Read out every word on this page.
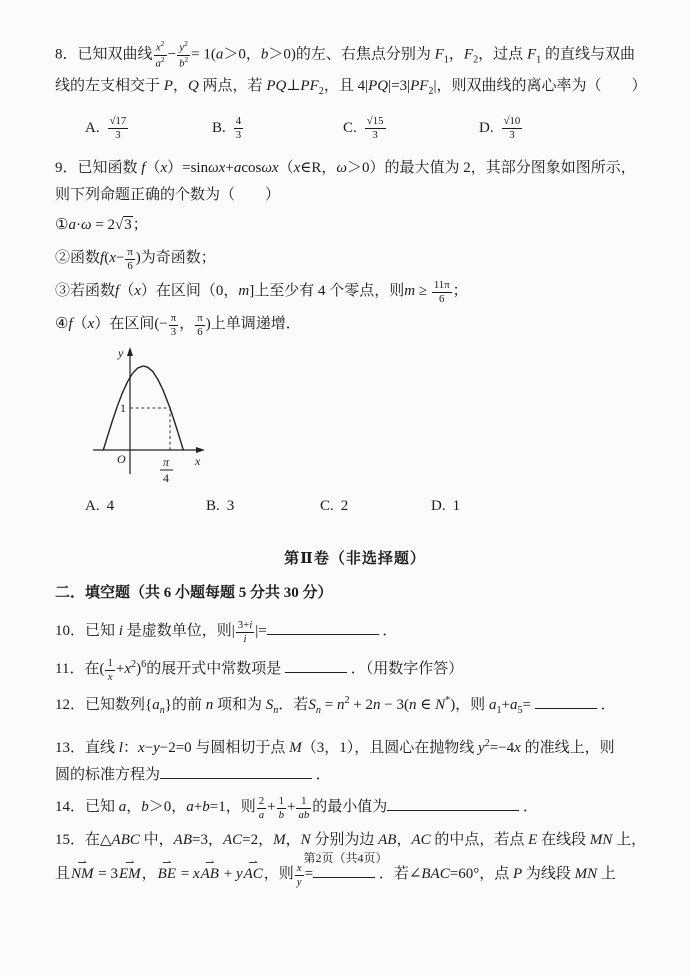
8．已知双曲线 $\frac{x^2}{a^2} - \frac{y^2}{b^2} = 1(a>0$，b＞0)的左、右焦点分别为 $F_1$，$F_2$，过点 $F_1$ 的直线与双曲

线的左支相交于 P，Q 两点，若 $PQ\perp PF_2$，且 $4|PQ|=3|PF_2|$，则双曲线的离心率为（　　）

A. $\frac{√17}{3}$	B. $\frac{4}{3}$	C. $\frac{√15}{3}$	D. $\frac{√10}{3}$

9．已知函数 f（x）=sinωx+acosωx（x∈R，ω＞0）的最大值为 2，其部分图象如图所示，

则下列命题正确的个数为（　　）

①a·ω = 2√3；

②函数$f(x- \frac{\pi}{6}$ )为奇函数；

③若函数f（x）在区间（0，m]上至少有 4 个零点，则$m \ge \frac{11\pi}{6}$ ；

④f（x）在区间(− $\frac{\pi}{3}$ ， $\frac{\pi}{6}$ )上单调递增．

y
x
O
1
π
4
A. 4	B. 3	C. 2	D. 1

第Ⅱ卷（非选择题）

二．填空题（共 6 小题每题 5 分共 30 分）

10．已知 i 是虚数单位，则| $\frac{3+i}{i}$ |=	．

11．在( $\frac{1}{x} +x^2)^6$的展开式中常数项是	．（用数字作答）

12．已知数列$\{a_n\}$的前 n 项和为 $S_n$．若$S_n = n^2 + 2n - 3(n$ ∈ N*)，则 $a_1+a_5=$	．

13．直线 l：x−y−2=0 与圆相切于点 M（3，1），且圆心在抛物线 $y^2=-4x$ 的准线上，则

圆的标准方程为	．

14．已知 a，b＞0，a+b=1，则 $\frac{2}{a} + \frac{1}{b} + \frac{1}{ab}$ 的最小值为	．

15．在△ABC 中，AB=3，AC=2，M，N 分别为边 AB，AC 的中点，若点 E 在线段 MN 上，

且⇀ NM = 3⇀ EM，⇀ BE = x⇀ AB + y⇀ AC，则 $\frac{x}{y}$ =	．若∠BAC=60°，点 P 为线段 MN 上

第2页（共4页）
